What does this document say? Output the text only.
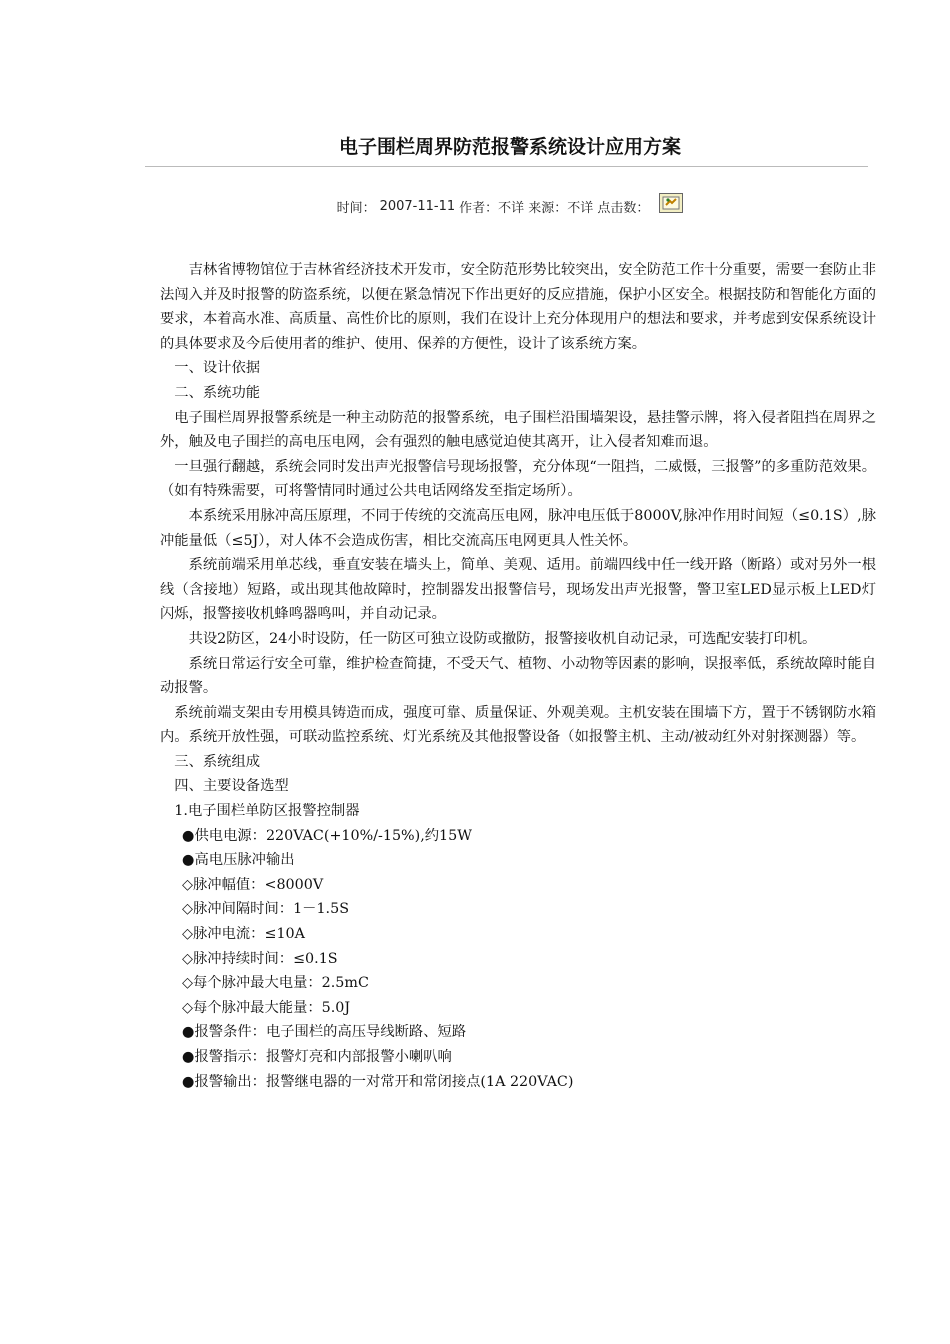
电子围栏周界防范报警系统设计应用方案
时间： 2007-11-11 作者：不详 来源：不详 点击数：

吉林省博物馆位于吉林省经济技术开发市，安全防范形势比较突出，安全防范工作十分重要，需要一套防止非法闯入并及时报警的防盗系统，以便在紧急情况下作出更好的反应措施，保护小区安全。根据技防和智能化方面的要求，本着高水准、高质量、高性价比的原则，我们在设计上充分体现用户的想法和要求，并考虑到安保系统设计的具体要求及今后使用者的维护、使用、保养的方便性，设计了该系统方案。

一、设计依据

二、系统功能

电子围栏周界报警系统是一种主动防范的报警系统，电子围栏沿围墙架设，悬挂警示牌，将入侵者阻挡在周界之外，触及电子围拦的高电压电网，会有强烈的触电感觉迫使其离开，让入侵者知难而退。

一旦强行翻越，系统会同时发出声光报警信号现场报警，充分体现“一阻挡，二威慑，三报警”的多重防范效果。（如有特殊需要，可将警情同时通过公共电话网络发至指定场所）。

本系统采用脉冲高压原理，不同于传统的交流高压电网，脉冲电压低于8000V,脉冲作用时间短（≤0.1S）,脉冲能量低（≤5J），对人体不会造成伤害，相比交流高压电网更具人性关怀。

系统前端采用单芯线，垂直安装在墙头上，简单、美观、适用。前端四线中任一线开路（断路）或对另外一根线（含接地）短路，或出现其他故障时，控制器发出报警信号，现场发出声光报警，警卫室LED显示板上LED灯闪烁，报警接收机蜂鸣器鸣叫，并自动记录。

共设2防区，24小时设防，任一防区可独立设防或撤防，报警接收机自动记录，可选配安装打印机。

系统日常运行安全可靠，维护检查简捷，不受天气、植物、小动物等因素的影响，误报率低，系统故障时能自动报警。

系统前端支架由专用模具铸造而成，强度可靠、质量保证、外观美观。主机安装在围墙下方，置于不锈钢防水箱内。系统开放性强，可联动监控系统、灯光系统及其他报警设备（如报警主机、主动/被动红外对射探测器）等。

三、系统组成

四、主要设备选型

1.电子围栏单防区报警控制器

●供电电源：220VAC(+10%/-15%),约15W

●高电压脉冲输出

◇脉冲幅值：<8000V

◇脉冲间隔时间：1－1.5S

◇脉冲电流：≤10A

◇脉冲持续时间：≤0.1S

◇每个脉冲最大电量：2.5mC

◇每个脉冲最大能量：5.0J

●报警条件：电子围栏的高压导线断路、短路

●报警指示：报警灯亮和内部报警小喇叭响

●报警输出：报警继电器的一对常开和常闭接点(1A 220VAC)
